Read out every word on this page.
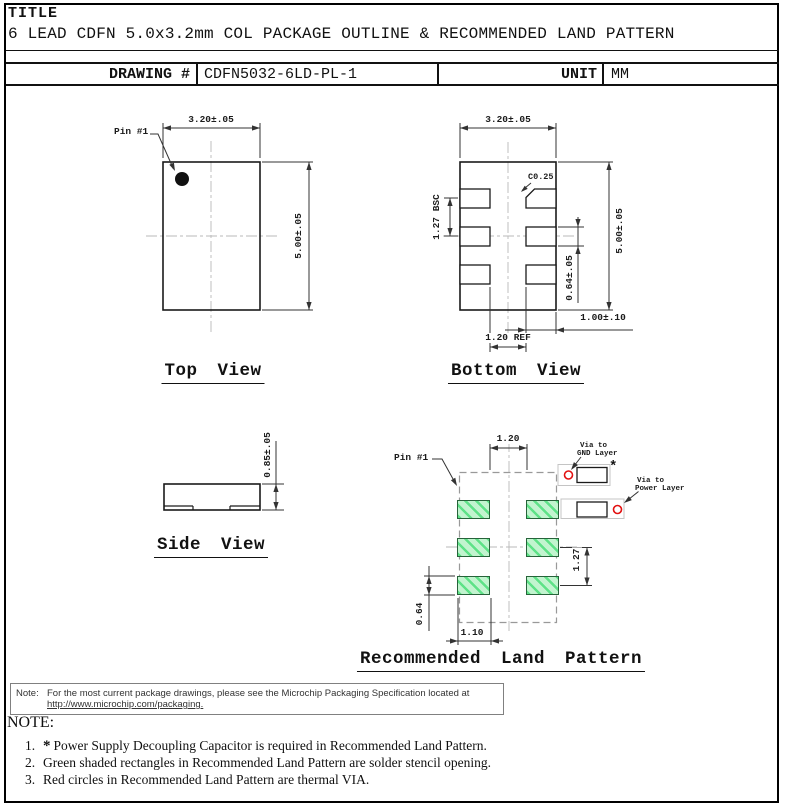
TITLE
6 LEAD CDFN 5.0x3.2mm COL PACKAGE OUTLINE & RECOMMENDED LAND PATTERN
DRAWING # CDFN5032-6LD-PL-1	UNIT MM
Pin #1
3.20±.05
5.00±.05
Top View
3.20±.05
C0.25
1.27 BSC
0.64±.05
5.00±.05
1.00±.10
1.20 REF
Bottom View
0.85±.05
Side View
Pin #1
1.20
1.27
0.64
1.10
Via to
GND Layer
Via to
Power Layer
*
Recommended Land Pattern
Note: For the most current package drawings, please see the Microchip Packaging Specification located at
http://www.microchip.com/packaging.
NOTE:
1. * Power Supply Decoupling Capacitor is required in Recommended Land Pattern.
2. Green shaded rectangles in Recommended Land Pattern are solder stencil opening.
3. Red circles in Recommended Land Pattern are thermal VIA.
